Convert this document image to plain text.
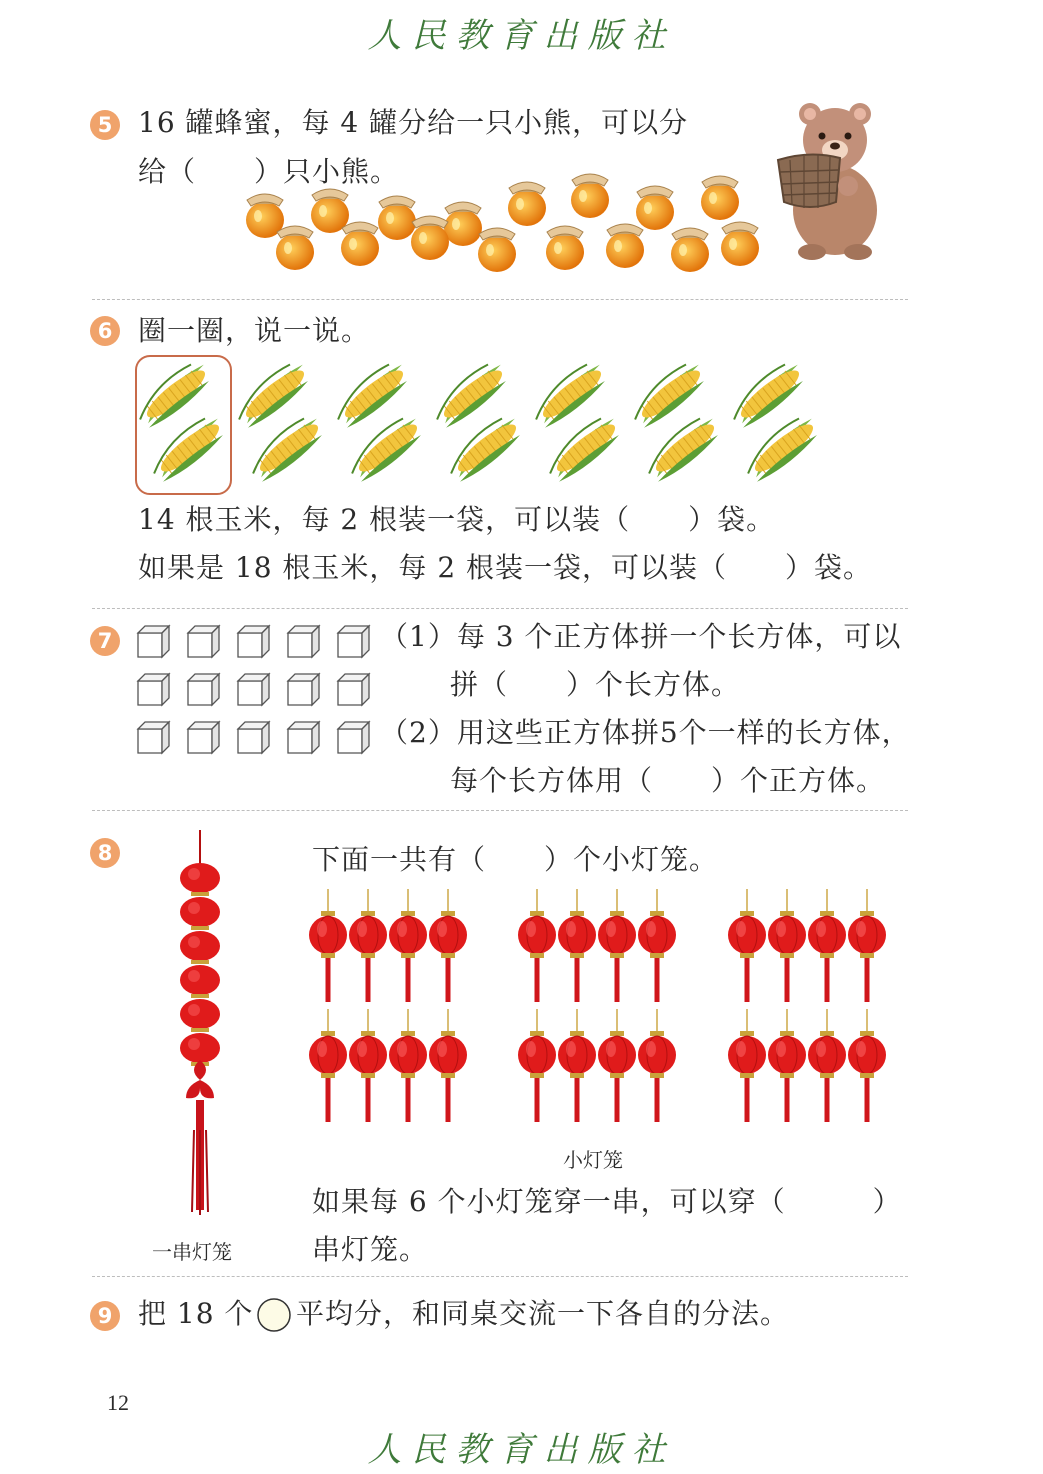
人民教育出版社
5 16 罐蜂蜜，每 4 罐分给一只小熊，可以分
给（　　）只小熊。
6 圈一圈，说一说。
14 根玉米，每 2 根装一袋，可以装（　　）袋。
如果是 18 根玉米，每 2 根装一袋，可以装（　　）袋。
7	（1）每 3 个正方体拼一个长方体，可以
拼（　　）个长方体。
（2）用这些正方体拼5个一样的长方体，
每个长方体用（　　）个正方体。
8
一串灯笼
下面一共有（　　）个小灯笼。
小灯笼
如果每 6 个小灯笼穿一串，可以穿（　　　）
串灯笼。
9 把 18 个 平均分，和同桌交流一下各自的分法。
12
人民教育出版社
